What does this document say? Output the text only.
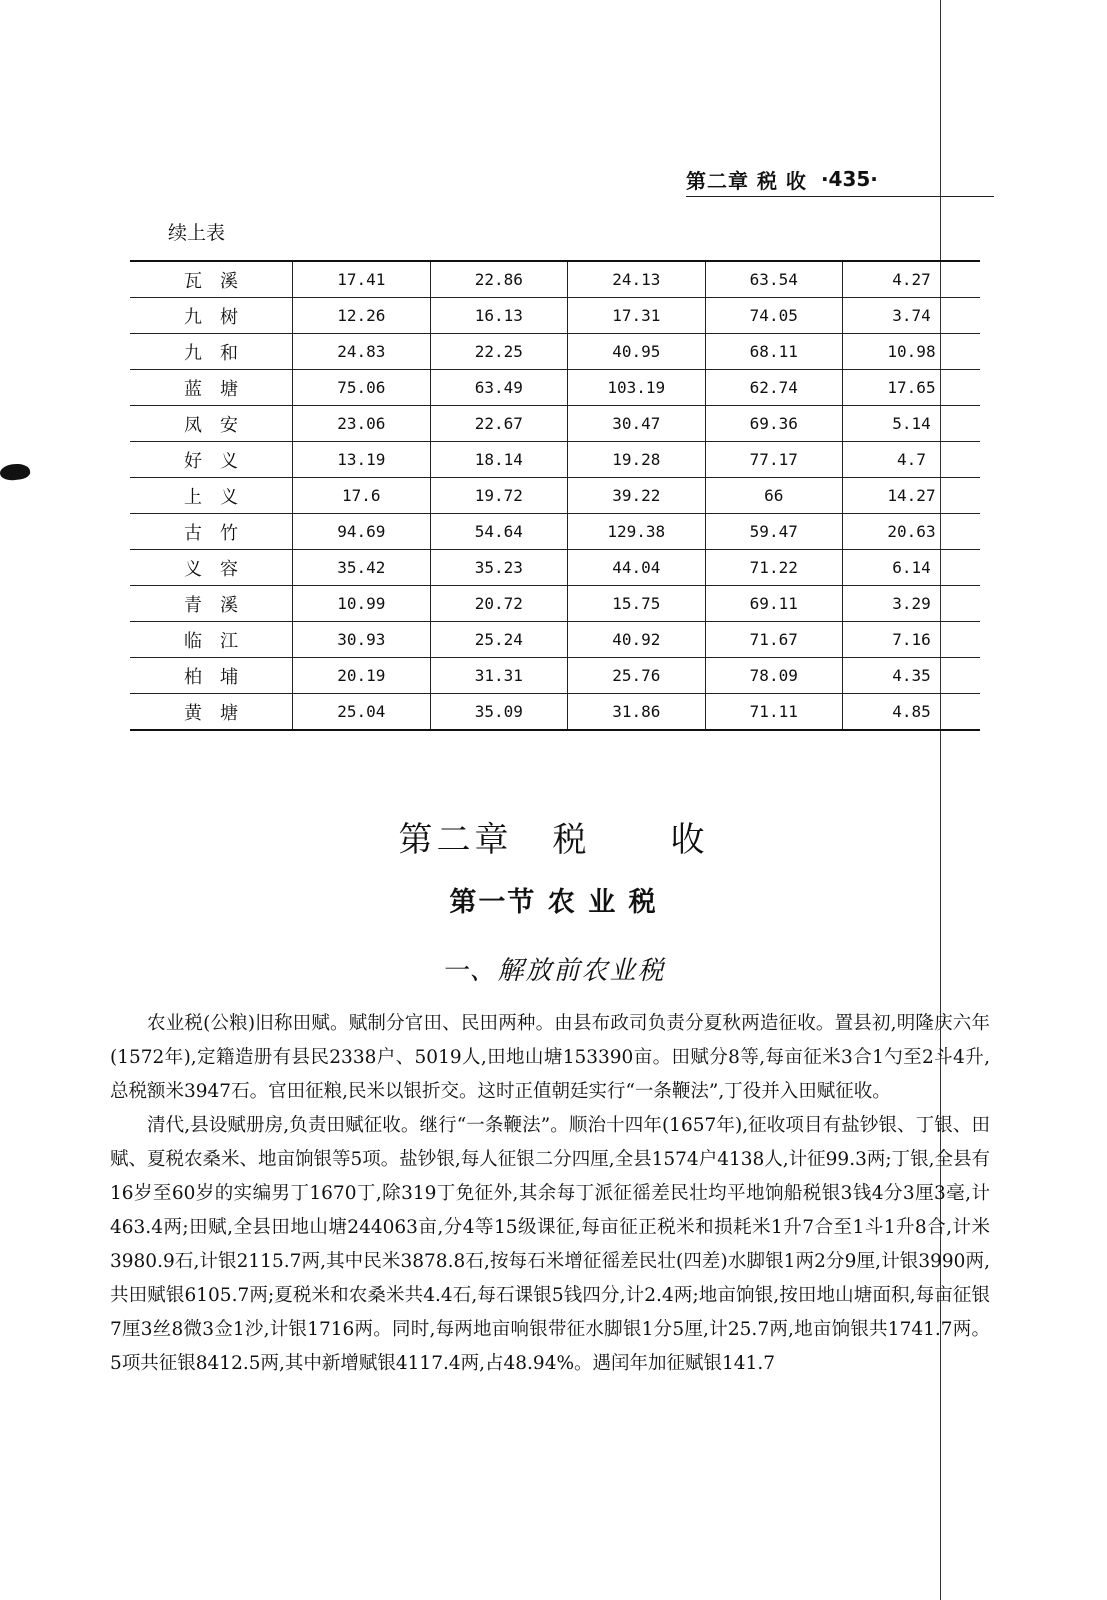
第二章 税 收 ·435·
续上表
瓦溪	17.41	22.86	24.13	63.54	4.27
九树	12.26	16.13	17.31	74.05	3.74
九和	24.83	22.25	40.95	68.11	10.98
蓝塘	75.06	63.49	103.19	62.74	17.65
凤安	23.06	22.67	30.47	69.36	5.14
好义	13.19	18.14	19.28	77.17	4.7
上义	17.6	19.72	39.22	66	14.27
古竹	94.69	54.64	129.38	59.47	20.63
义容	35.42	35.23	44.04	71.22	6.14
青溪	10.99	20.72	15.75	69.11	3.29
临江	30.93	25.24	40.92	71.67	7.16
柏埔	20.19	31.31	25.76	78.09	4.35
黄塘	25.04	35.09	31.86	71.11	4.85
第二章 税 收
第一节 农 业 税
一、解放前农业税

农业税(公粮)旧称田赋。赋制分官田、民田两种。由县布政司负责分夏秋两造征收。置县初,明隆庆六年(1572年),定籍造册有县民2338户、5019人,田地山塘153390亩。田赋分8等,每亩征米3合1勺至2斗4升,总税额米3947石。官田征粮,民米以银折交。这时正值朝廷实行“一条鞭法”,丁役并入田赋征收。

清代,县设赋册房,负责田赋征收。继行“一条鞭法”。顺治十四年(1657年),征收项目有盐钞银、丁银、田赋、夏税农桑米、地亩饷银等5项。盐钞银,每人征银二分四厘,全县1574户4138人,计征99.3两;丁银,全县有16岁至60岁的实编男丁1670丁,除319丁免征外,其余每丁派征徭差民壮均平地饷船税银3钱4分3厘3毫,计463.4两;田赋,全县田地山塘244063亩,分4等15级课征,每亩征正税米和损耗米1升7合至1斗1升8合,计米3980.9石,计银2115.7两,其中民米3878.8石,按每石米增征徭差民壮(四差)水脚银1两2分9厘,计银3990两,共田赋银6105.7两;夏税米和农桑米共4.4石,每石课银5钱四分,计2.4两;地亩饷银,按田地山塘面积,每亩征银7厘3丝8微3佥1沙,计银1716两。同时,每两地亩响银带征水脚银1分5厘,计25.7两,地亩饷银共1741.7两。5项共征银8412.5两,其中新增赋银4117.4两,占48.94%。遇闰年加征赋银141.7
